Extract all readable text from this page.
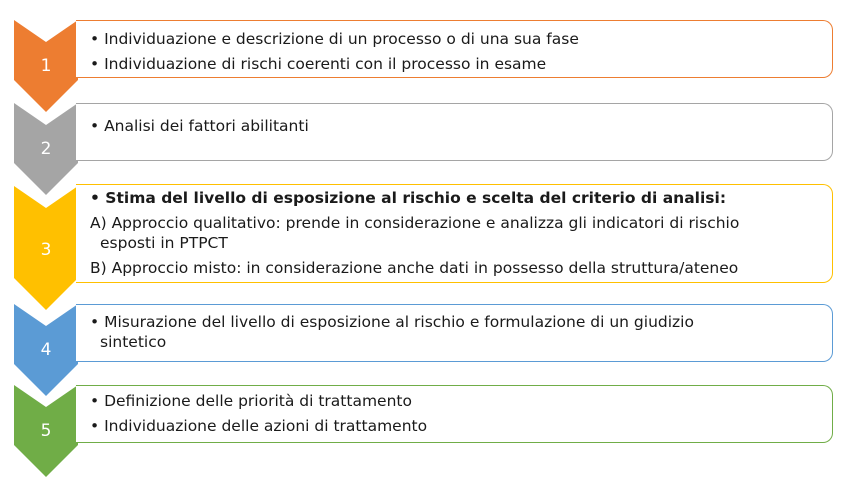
1
• Individuazione e descrizione di un processo o di una sua fase
• Individuazione di rischi coerenti con il processo in esame
2
• Analisi dei fattori abilitanti
3
• Stima del livello di esposizione al rischio e scelta del criterio di analisi:
A) Approccio qualitativo: prende in considerazione e analizza gli indicatori di rischio
esposti in PTPCT
B) Approccio misto: in considerazione anche dati in possesso della struttura/ateneo
4
• Misurazione del livello di esposizione al rischio e formulazione di un giudizio
sintetico
5
• Definizione delle priorità di trattamento
• Individuazione delle azioni di trattamento
